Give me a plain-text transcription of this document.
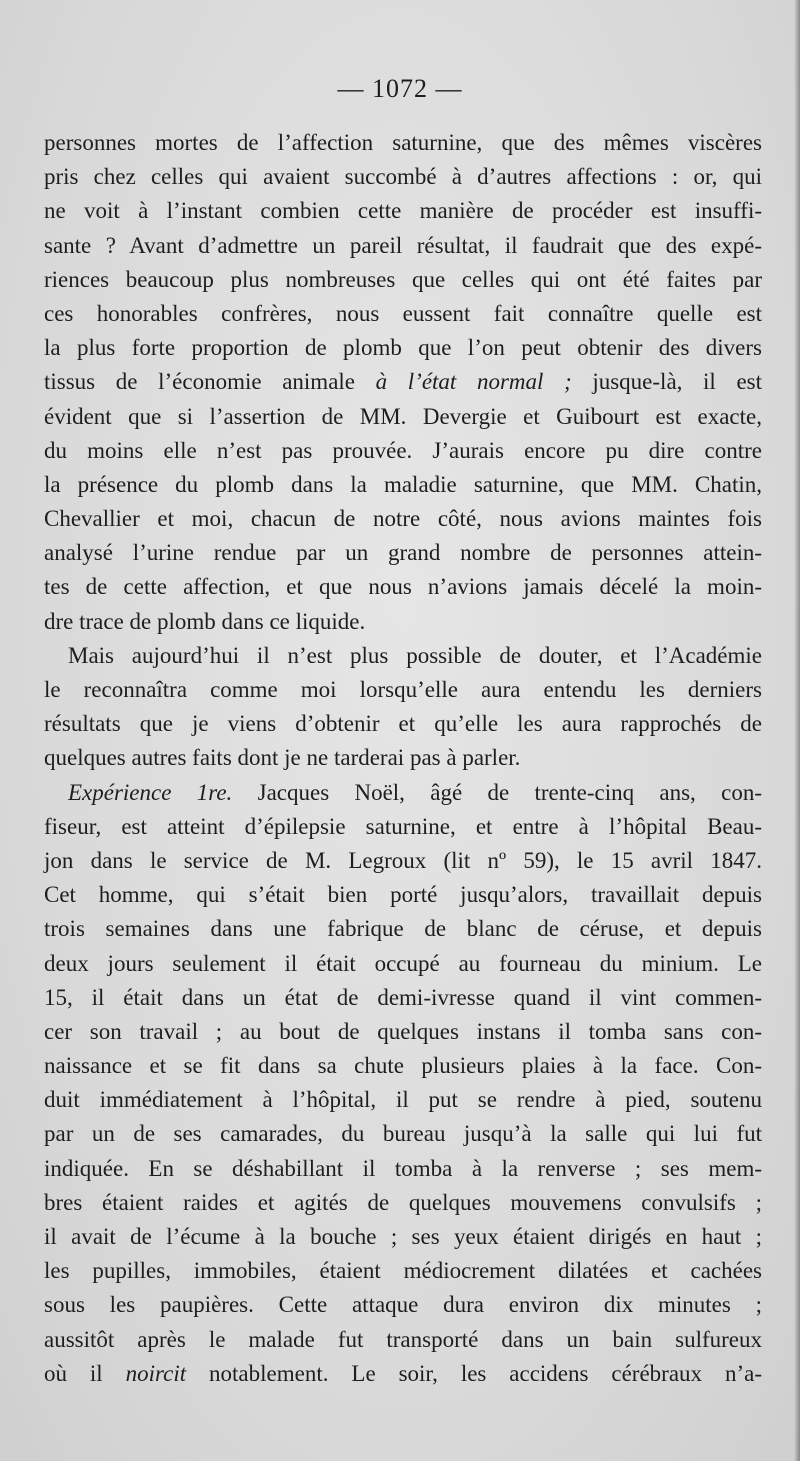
— 1072 —
personnes mortes de l’affection saturnine, que des mêmes viscères
pris chez celles qui avaient succombé à d’autres affections : or, qui
ne voit à l’instant combien cette manière de procéder est insuffi-
sante ? Avant d’admettre un pareil résultat, il faudrait que des expé-
riences beaucoup plus nombreuses que celles qui ont été faites par
ces honorables confrères, nous eussent fait connaître quelle est
la plus forte proportion de plomb que l’on peut obtenir des divers
tissus de l’économie animale à l’état normal ; jusque-là, il est
évident que si l’assertion de MM. Devergie et Guibourt est exacte,
du moins elle n’est pas prouvée. J’aurais encore pu dire contre
la présence du plomb dans la maladie saturnine, que MM. Chatin,
Chevallier et moi, chacun de notre côté, nous avions maintes fois
analysé l’urine rendue par un grand nombre de personnes attein-
tes de cette affection, et que nous n’avions jamais décelé la moin-
dre trace de plomb dans ce liquide.
Mais aujourd’hui il n’est plus possible de douter, et l’Académie
le reconnaîtra comme moi lorsqu’elle aura entendu les derniers
résultats que je viens d’obtenir et qu’elle les aura rapprochés de
quelques autres faits dont je ne tarderai pas à parler.
Expérience 1re. Jacques Noël, âgé de trente-cinq ans, con-
fiseur, est atteint d’épilepsie saturnine, et entre à l’hôpital Beau-
jon dans le service de M. Legroux (lit nº 59), le 15 avril 1847.
Cet homme, qui s’était bien porté jusqu’alors, travaillait depuis
trois semaines dans une fabrique de blanc de céruse, et depuis
deux jours seulement il était occupé au fourneau du minium. Le
15, il était dans un état de demi-ivresse quand il vint commen-
cer son travail ; au bout de quelques instans il tomba sans con-
naissance et se fit dans sa chute plusieurs plaies à la face. Con-
duit immédiatement à l’hôpital, il put se rendre à pied, soutenu
par un de ses camarades, du bureau jusqu’à la salle qui lui fut
indiquée. En se déshabillant il tomba à la renverse ; ses mem-
bres étaient raides et agités de quelques mouvemens convulsifs ;
il avait de l’écume à la bouche ; ses yeux étaient dirigés en haut ;
les pupilles, immobiles, étaient médiocrement dilatées et cachées
sous les paupières. Cette attaque dura environ dix minutes ;
aussitôt après le malade fut transporté dans un bain sulfureux
où il noircit notablement. Le soir, les accidens cérébraux n’a-
